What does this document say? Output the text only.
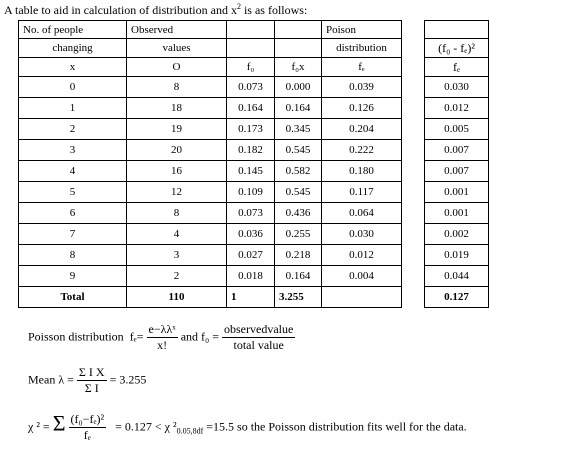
A table to aid in calculation of distribution and $x^2$ is as follows:
No. of people	Observed			Poison		
changing	values			distribution		(f₀ - fₑ)²
x	O	f₀	f₀x	fₑ		fₑ
0	8	0.073	0.000	0.039		0.030
1	18	0.164	0.164	0.126		0.012
2	19	0.173	0.345	0.204		0.005
3	20	0.182	0.545	0.222		0.007
4	16	0.145	0.582	0.180		0.007
5	12	0.109	0.545	0.117		0.001
6	8	0.073	0.436	0.064		0.001
7	4	0.036	0.255	0.030		0.002
8	3	0.027	0.218	0.012		0.019
9	2	0.018	0.164	0.004		0.044
Total	110	1	3.255			0.127
Poisson distribution $f_e= \frac{\text{e−λλˣ}}{x!}$ and $f_0 = \frac{\text{observedvalue}}{\text{total value}}$
Mean $\lambda = \frac{\text{Σ I X}}{\text{Σ I}} = 3.255$
χ ² = Σ $\frac{\text{(f₀−fₑ)²}}{\text{fₑ}} = 0.127 < \chi$ $^2_{0.05,8df} =15.5$ so the Poisson distribution fits well for the data.
